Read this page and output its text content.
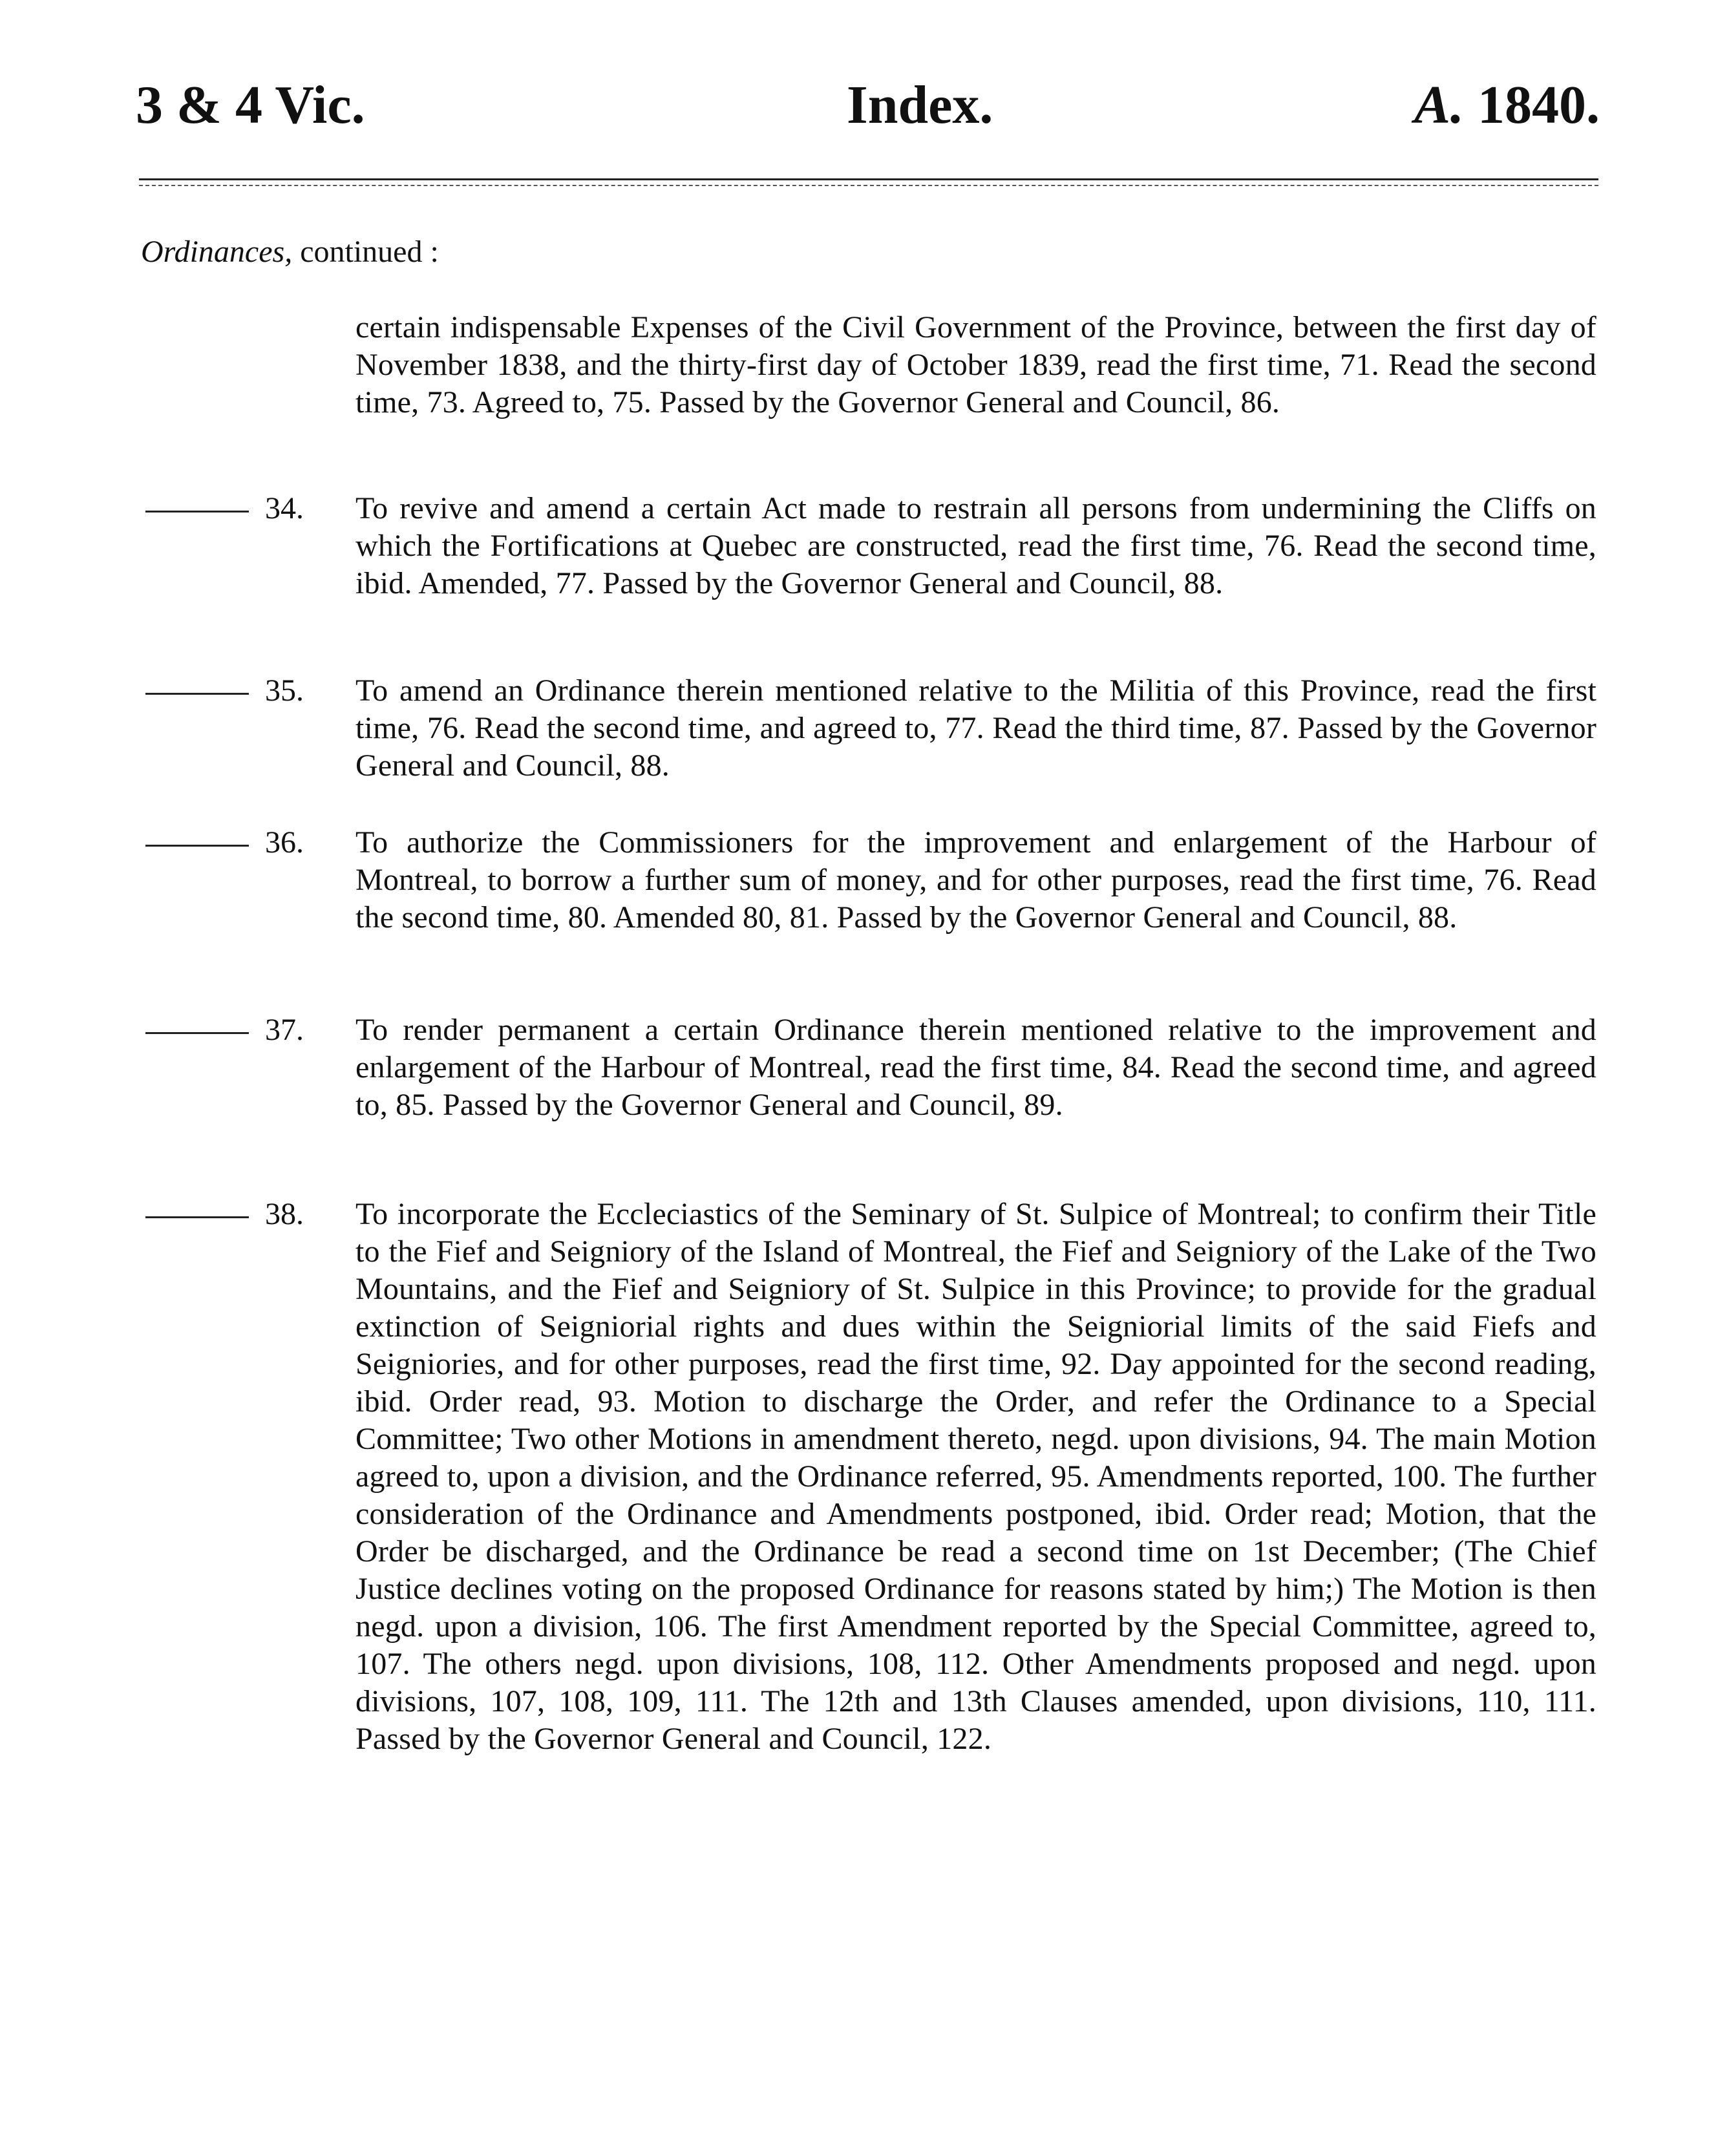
3 & 4 Vic.	Index.	A. 1840.
Ordinances, continued :
certain indispensable Expenses of the Civil Government of the Province, between the first day of November 1838, and the thirty-first day of October 1839, read the first time, 71. Read the second time, 73. Agreed to, 75. Passed by the Governor General and Council, 86.
34.	To revive and amend a certain Act made to restrain all persons from undermining the Cliffs on which the Fortifications at Quebec are constructed, read the first time, 76. Read the second time, ibid. Amended, 77. Passed by the Governor General and Council, 88.
35.	To amend an Ordinance therein mentioned relative to the Militia of this Province, read the first time, 76. Read the second time, and agreed to, 77. Read the third time, 87. Passed by the Governor General and Council, 88.
36.	To authorize the Commissioners for the improvement and enlargement of the Harbour of Montreal, to borrow a further sum of money, and for other purposes, read the first time, 76. Read the second time, 80. Amended 80, 81. Passed by the Governor General and Council, 88.
37.	To render permanent a certain Ordinance therein mentioned relative to the improvement and enlargement of the Harbour of Montreal, read the first time, 84. Read the second time, and agreed to, 85. Passed by the Governor General and Council, 89.
38.	To incorporate the Eccleciastics of the Seminary of St. Sulpice of Montreal; to confirm their Title to the Fief and Seigniory of the Island of Montreal, the Fief and Seigniory of the Lake of the Two Mountains, and the Fief and Seigniory of St. Sulpice in this Province; to provide for the gradual extinction of Seigniorial rights and dues within the Seigniorial limits of the said Fiefs and Seigniories, and for other purposes, read the first time, 92. Day appointed for the second reading, ibid. Order read, 93. Motion to discharge the Order, and refer the Ordinance to a Special Committee; Two other Motions in amendment thereto, negd. upon divisions, 94. The main Motion agreed to, upon a division, and the Ordinance referred, 95. Amendments reported, 100. The further consideration of the Ordinance and Amendments postponed, ibid. Order read; Motion, that the Order be discharged, and the Ordinance be read a second time on 1st December; (The Chief Justice declines voting on the proposed Ordinance for reasons stated by him;) The Motion is then negd. upon a division, 106. The first Amendment reported by the Special Committee, agreed to, 107. The others negd. upon divisions, 108, 112. Other Amendments proposed and negd. upon divisions, 107, 108, 109, 111. The 12th and 13th Clauses amended, upon divisions, 110, 111. Passed by the Governor General and Council, 122.
